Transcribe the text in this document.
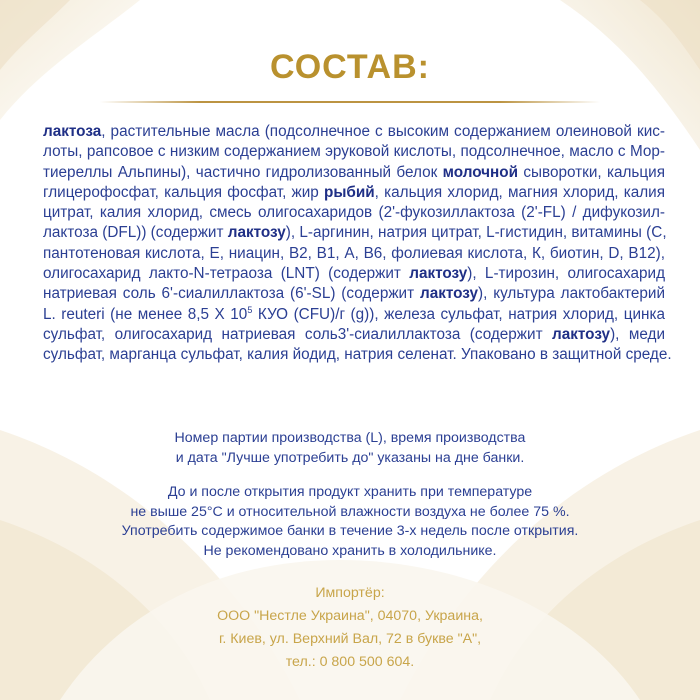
СОСТАВ:
лактоза, растительные масла (подсолнечное с высоким содержанием олеиновой кис-
лоты, рапсовое с низким содержанием эруковой кислоты, подсолнечное, масло с Мор-
тиереллы Альпины), частично гидролизованный белок молочной сыворотки, кальция
глицерофосфат, кальция фосфат, жир рыбий, кальция хлорид, магния хлорид, калия
цитрат, калия хлорид, смесь олигосахаридов (2'-фукозиллактоза (2'-FL) / дифукозил-
лактоза (DFL)) (содержит лактозу), L-аргинин, натрия цитрат, L-гистидин, витамины (С,
пантотеновая кислота, Е, ниацин, В2, В1, А, В6, фолиевая кислота, К, биотин, D, В12),
олигосахарид лакто-N-тетраоза (LNT) (содержит лактозу), L-тирозин, олигосахарид
натриевая соль 6'-сиалиллактоза (6'-SL) (содержит лактозу), культура лактобактерий
L. reuteri (не менее 8,5 Х $10^5$ КУО (CFU)/г (g)), железа сульфат, натрия хлорид, цинка
сульфат, олигосахарид натриевая соль3'-сиалиллактоза (содержит лактозу), меди
сульфат, марганца сульфат, калия йодид, натрия селенат. Упаковано в защитной среде.
Номер партии производства (L), время производства
и дата "Лучше употребить до" указаны на дне банки.
До и после открытия продукт хранить при температуре
не выше 25°С и относительной влажности воздуха не более 75 %.
Употребить содержимое банки в течение 3-х недель после открытия.
Не рекомендовано хранить в холодильнике.
Импортёр:
ООО "Нестле Украина", 04070, Украина,
г. Киев, ул. Верхний Вал, 72 в букве "А",
тел.: 0 800 500 604.
